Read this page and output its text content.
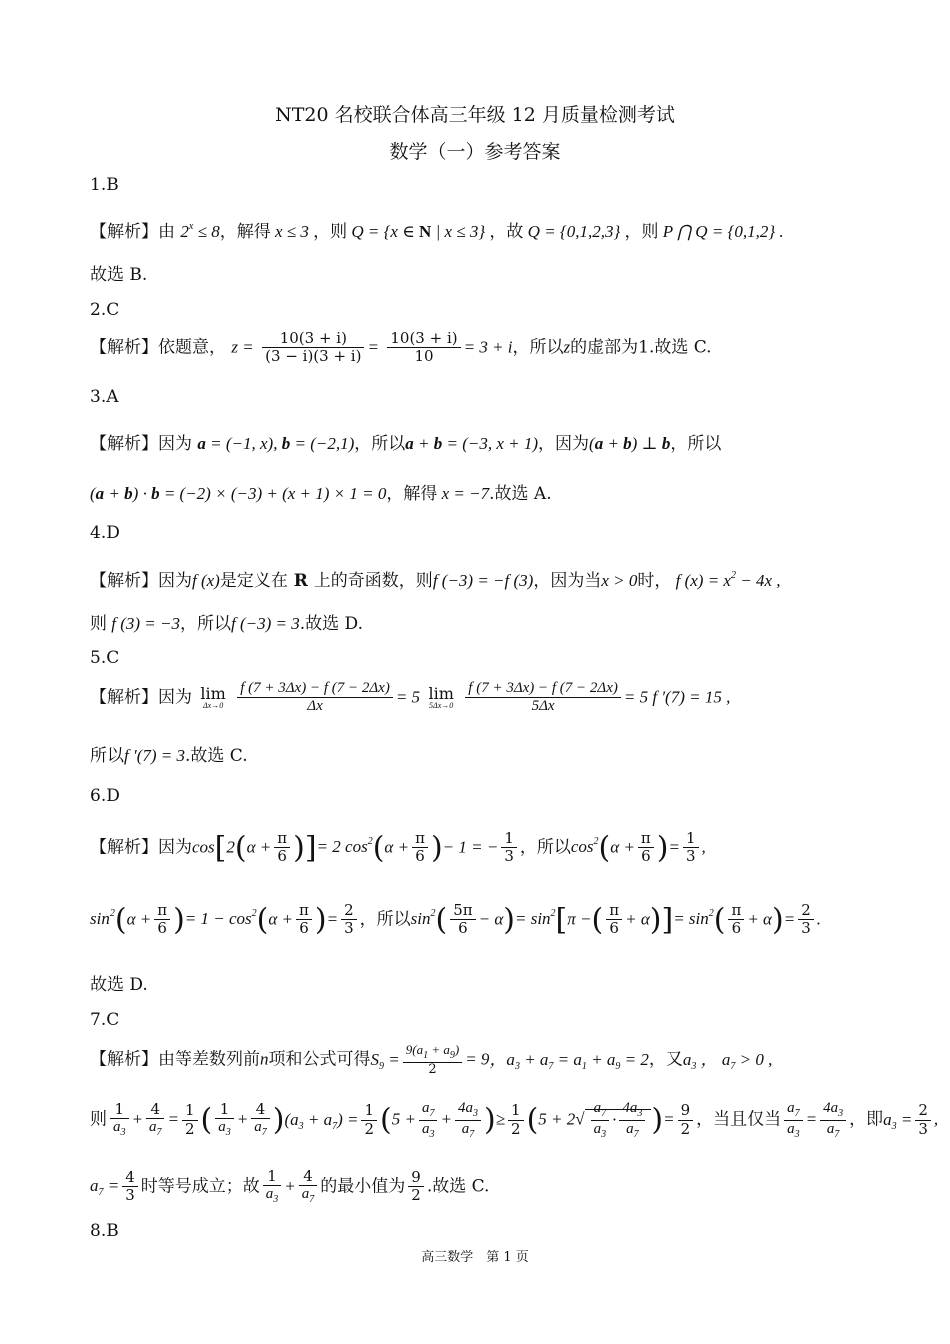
NT20 名校联合体高三年级 12 月质量检测考试
数学（一）参考答案
1.B
【解析】由 $2^x \le 8$，解得 x ≤ 3 ，则 Q = {x ∈ N | x ≤ 3} ，故 Q = {0,1,2,3} ，则 P ⋂ Q = {0,1,2} .
故选 B.
2.C
【解析】依题意， $z = \frac{10(3 + i)}{(3 - i)(3 + i)} = \frac{10(3 + i)}{10} = 3 + i$，所以z的虚部为1.故选 C.
3.A
【解析】因为 a = (−1, x), b = (−2,1)，所以a + b = (−3, x + 1)，因为(a + b) ⊥ b，所以
(a + b) · b = (−2) × (−3) + (x + 1) × 1 = 0，解得 x = −7.故选 A.
4.D
【解析】因为f (x)是定义在 R 上的奇函数，则f (−3) = −f (3)，因为当x > 0时， f $(x) = x^2 - 4x$ ,
则 f (3) = −3，所以f (−3) = 3.故选 D.
5.C
【解析】因为 lim
Δx→0
$\frac{f (7 + 3\Delta x) - f (7 - 2\Delta x)}{\Delta x} = 5$ lim
5Δx→0
$\frac{f (7 + 3\Delta x) - f (7 - 2\Delta x)}{5\Delta x} = 5$ f ′(7) = 15 ,
所以f ′(7) = 3.故选 C.
6.D
【解析】因为$\cos[2(\alpha + \frac{\pi}{6}$ )]= 2 $\cos^2(\alpha + \frac{\pi}{6}$ )− 1 = − $\frac{1}{3}$ ，所以$\cos^2(\alpha + \frac{\pi}{6}$ )= $\frac{1}{3}$ ,
$\sin^2(\alpha + \frac{\pi}{6}$ )= $1 - \cos^2(\alpha + \frac{\pi}{6}$ )= $\frac{2}{3}$ ，所以$\sin^2( \frac{5\pi}{6} - \alpha)= \sin^2[\pi$ −( $\frac{\pi}{6} + \alpha)]= \sin^2( \frac{\pi}{6} + \alpha)= \frac{2}{3}$ .
故选 D.
7.C
【解析】由等差数列前n项和公式可得$S_9 = \frac{9(a_1 + a_9)}{2} = 9$，$a_3 + a_7 = a_1 + a_9 = 2$，又$a_3$ ， $a_7 > 0$ ,
则 $\frac{1}{a_3} + \frac{4}{a_7} = \frac{1}{2}$ ( $\frac{1}{a_3} + \frac{4}{a_7} )(a_3 + a_7) = \frac{1}{2} (5 + \frac{a_7}{a_3} + \frac{4a_3}{a_7}$ )≥ $\frac{1}{2} (5 + 2√ \frac{a_7}{a_3} \cdot \frac{4a_3}{a_7}$ )= $\frac{9}{2}$ ，当且仅当 $\frac{a_7}{a_3} = \frac{4a_3}{a_7}$ ，即$a_3 = \frac{2}{3}$ ,
$a_7 = \frac{4}{3}$ 时等号成立；故 $\frac{1}{a_3} + \frac{4}{a_7}$ 的最小值为 $\frac{9}{2}$ .故选 C.
8.B
高三数学　第 1 页
